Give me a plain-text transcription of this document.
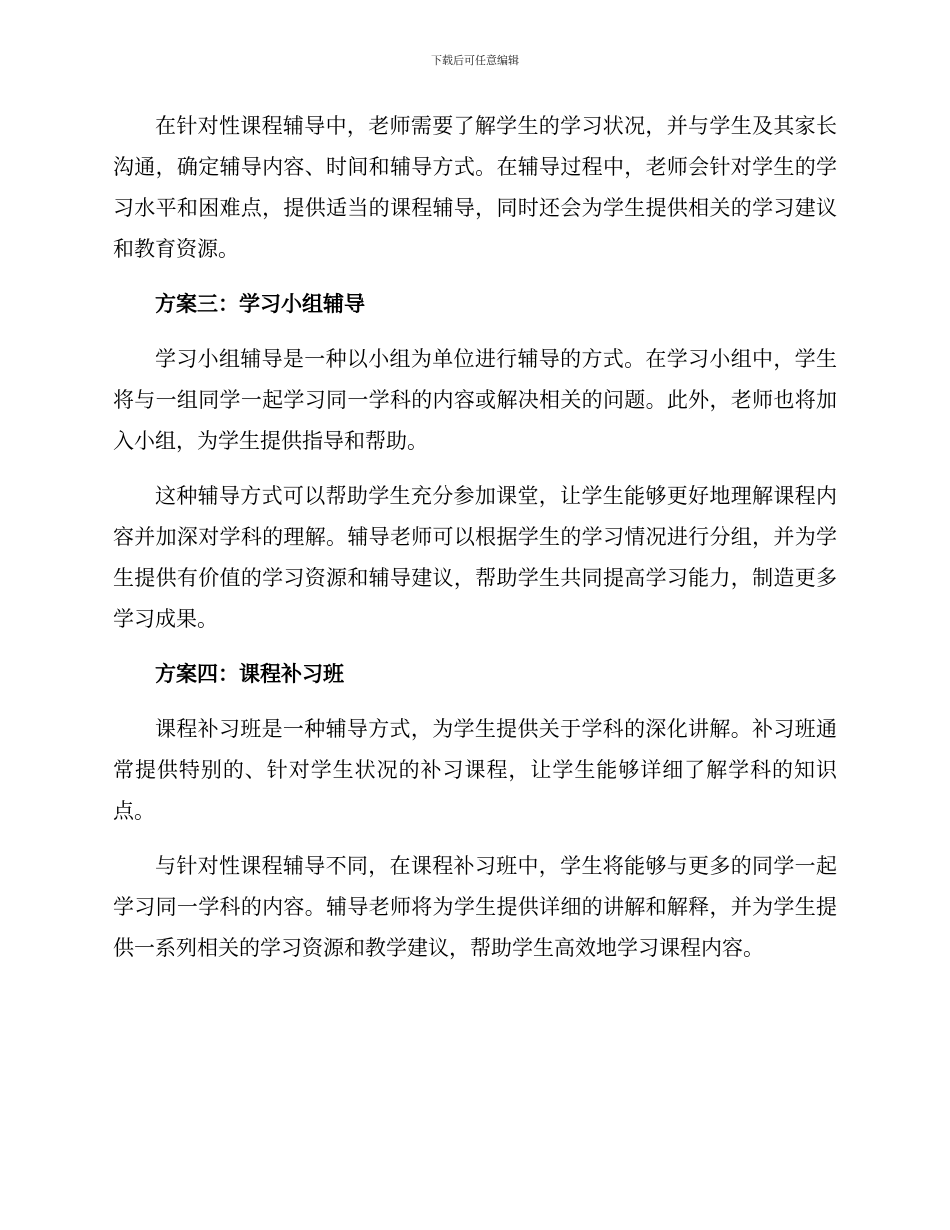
下载后可任意编辑

在针对性课程辅导中，老师需要了解学生的学习状况，并与学生及其家长沟通，确定辅导内容、时间和辅导方式。在辅导过程中，老师会针对学生的学习水平和困难点，提供适当的课程辅导，同时还会为学生提供相关的学习建议和教育资源。

方案三：学习小组辅导

学习小组辅导是一种以小组为单位进行辅导的方式。在学习小组中，学生将与一组同学一起学习同一学科的内容或解决相关的问题。此外，老师也将加入小组，为学生提供指导和帮助。

这种辅导方式可以帮助学生充分参加课堂，让学生能够更好地理解课程内容并加深对学科的理解。辅导老师可以根据学生的学习情况进行分组，并为学生提供有价值的学习资源和辅导建议，帮助学生共同提高学习能力，制造更多学习成果。

方案四：课程补习班

课程补习班是一种辅导方式，为学生提供关于学科的深化讲解。补习班通常提供特别的、针对学生状况的补习课程，让学生能够详细了解学科的知识点。

与针对性课程辅导不同，在课程补习班中，学生将能够与更多的同学一起学习同一学科的内容。辅导老师将为学生提供详细的讲解和解释，并为学生提供一系列相关的学习资源和教学建议，帮助学生高效地学习课程内容。
